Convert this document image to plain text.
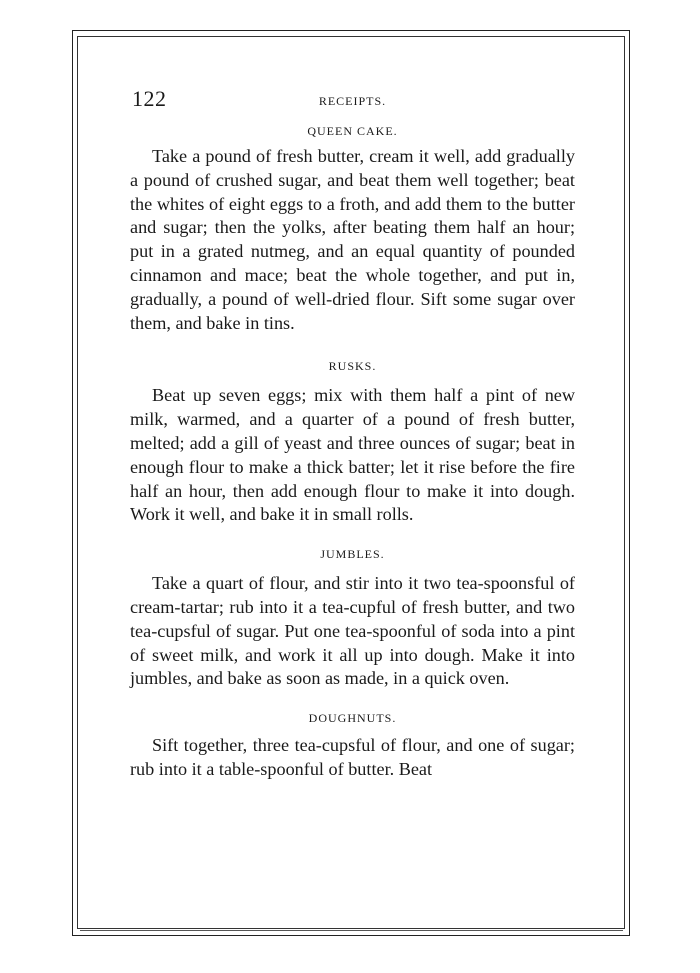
122	RECEIPTS.
QUEEN CAKE.

Take a pound of fresh butter, cream it well, add gradually a pound of crushed sugar, and beat them well together; beat the whites of eight eggs to a froth, and add them to the butter and sugar; then the yolks, after beating them half an hour; put in a grated nutmeg, and an equal quantity of pounded cinnamon and mace; beat the whole together, and put in, gradually, a pound of well-dried flour. Sift some sugar over them, and bake in tins.

RUSKS.

Beat up seven eggs; mix with them half a pint of new milk, warmed, and a quarter of a pound of fresh butter, melted; add a gill of yeast and three ounces of sugar; beat in enough flour to make a thick batter; let it rise before the fire half an hour, then add enough flour to make it into dough. Work it well, and bake it in small rolls.

JUMBLES.

Take a quart of flour, and stir into it two tea-spoonsful of cream-tartar; rub into it a tea-cupful of fresh butter, and two tea-cupsful of sugar. Put one tea-spoonful of soda into a pint of sweet milk, and work it all up into dough. Make it into jumbles, and bake as soon as made, in a quick oven.

DOUGHNUTS.

Sift together, three tea-cupsful of flour, and one of sugar; rub into it a table-spoonful of butter. Beat
